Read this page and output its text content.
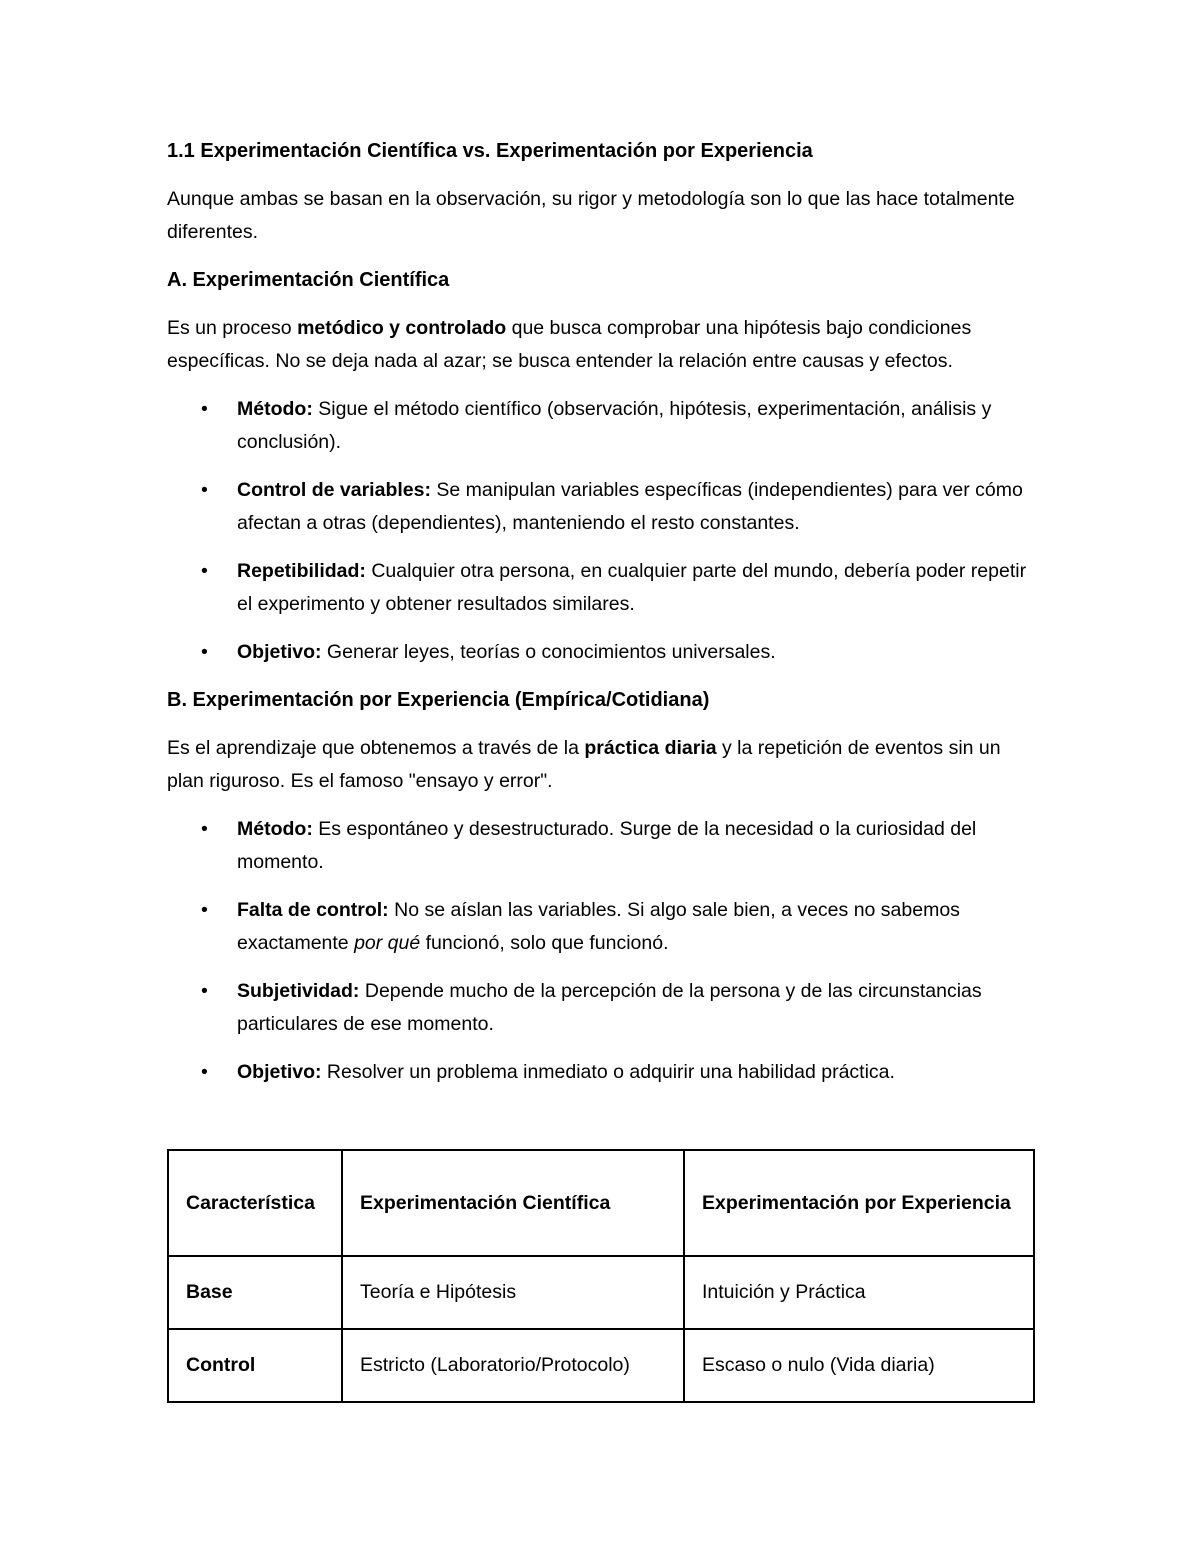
1.1 Experimentación Científica vs. Experimentación por Experiencia

Aunque ambas se basan en la observación, su rigor y metodología son lo que las hace totalmente diferentes.

A. Experimentación Científica

Es un proceso metódico y controlado que busca comprobar una hipótesis bajo condiciones específicas. No se deja nada al azar; se busca entender la relación entre causas y efectos.

• Método: Sigue el método científico (observación, hipótesis, experimentación, análisis y conclusión).
• Control de variables: Se manipulan variables específicas (independientes) para ver cómo afectan a otras (dependientes), manteniendo el resto constantes.
• Repetibilidad: Cualquier otra persona, en cualquier parte del mundo, debería poder repetir el experimento y obtener resultados similares.
• Objetivo: Generar leyes, teorías o conocimientos universales.

B. Experimentación por Experiencia (Empírica/Cotidiana)

Es el aprendizaje que obtenemos a través de la práctica diaria y la repetición de eventos sin un plan riguroso. Es el famoso "ensayo y error".

• Método: Es espontáneo y desestructurado. Surge de la necesidad o la curiosidad del momento.
• Falta de control: No se aíslan las variables. Si algo sale bien, a veces no sabemos exactamente por qué funcionó, solo que funcionó.
• Subjetividad: Depende mucho de la percepción de la persona y de las circunstancias particulares de ese momento.
• Objetivo: Resolver un problema inmediato o adquirir una habilidad práctica.
Característica	Experimentación Científica	Experimentación por Experiencia
Base	Teoría e Hipótesis	Intuición y Práctica
Control	Estricto (Laboratorio/Protocolo)	Escaso o nulo (Vida diaria)
